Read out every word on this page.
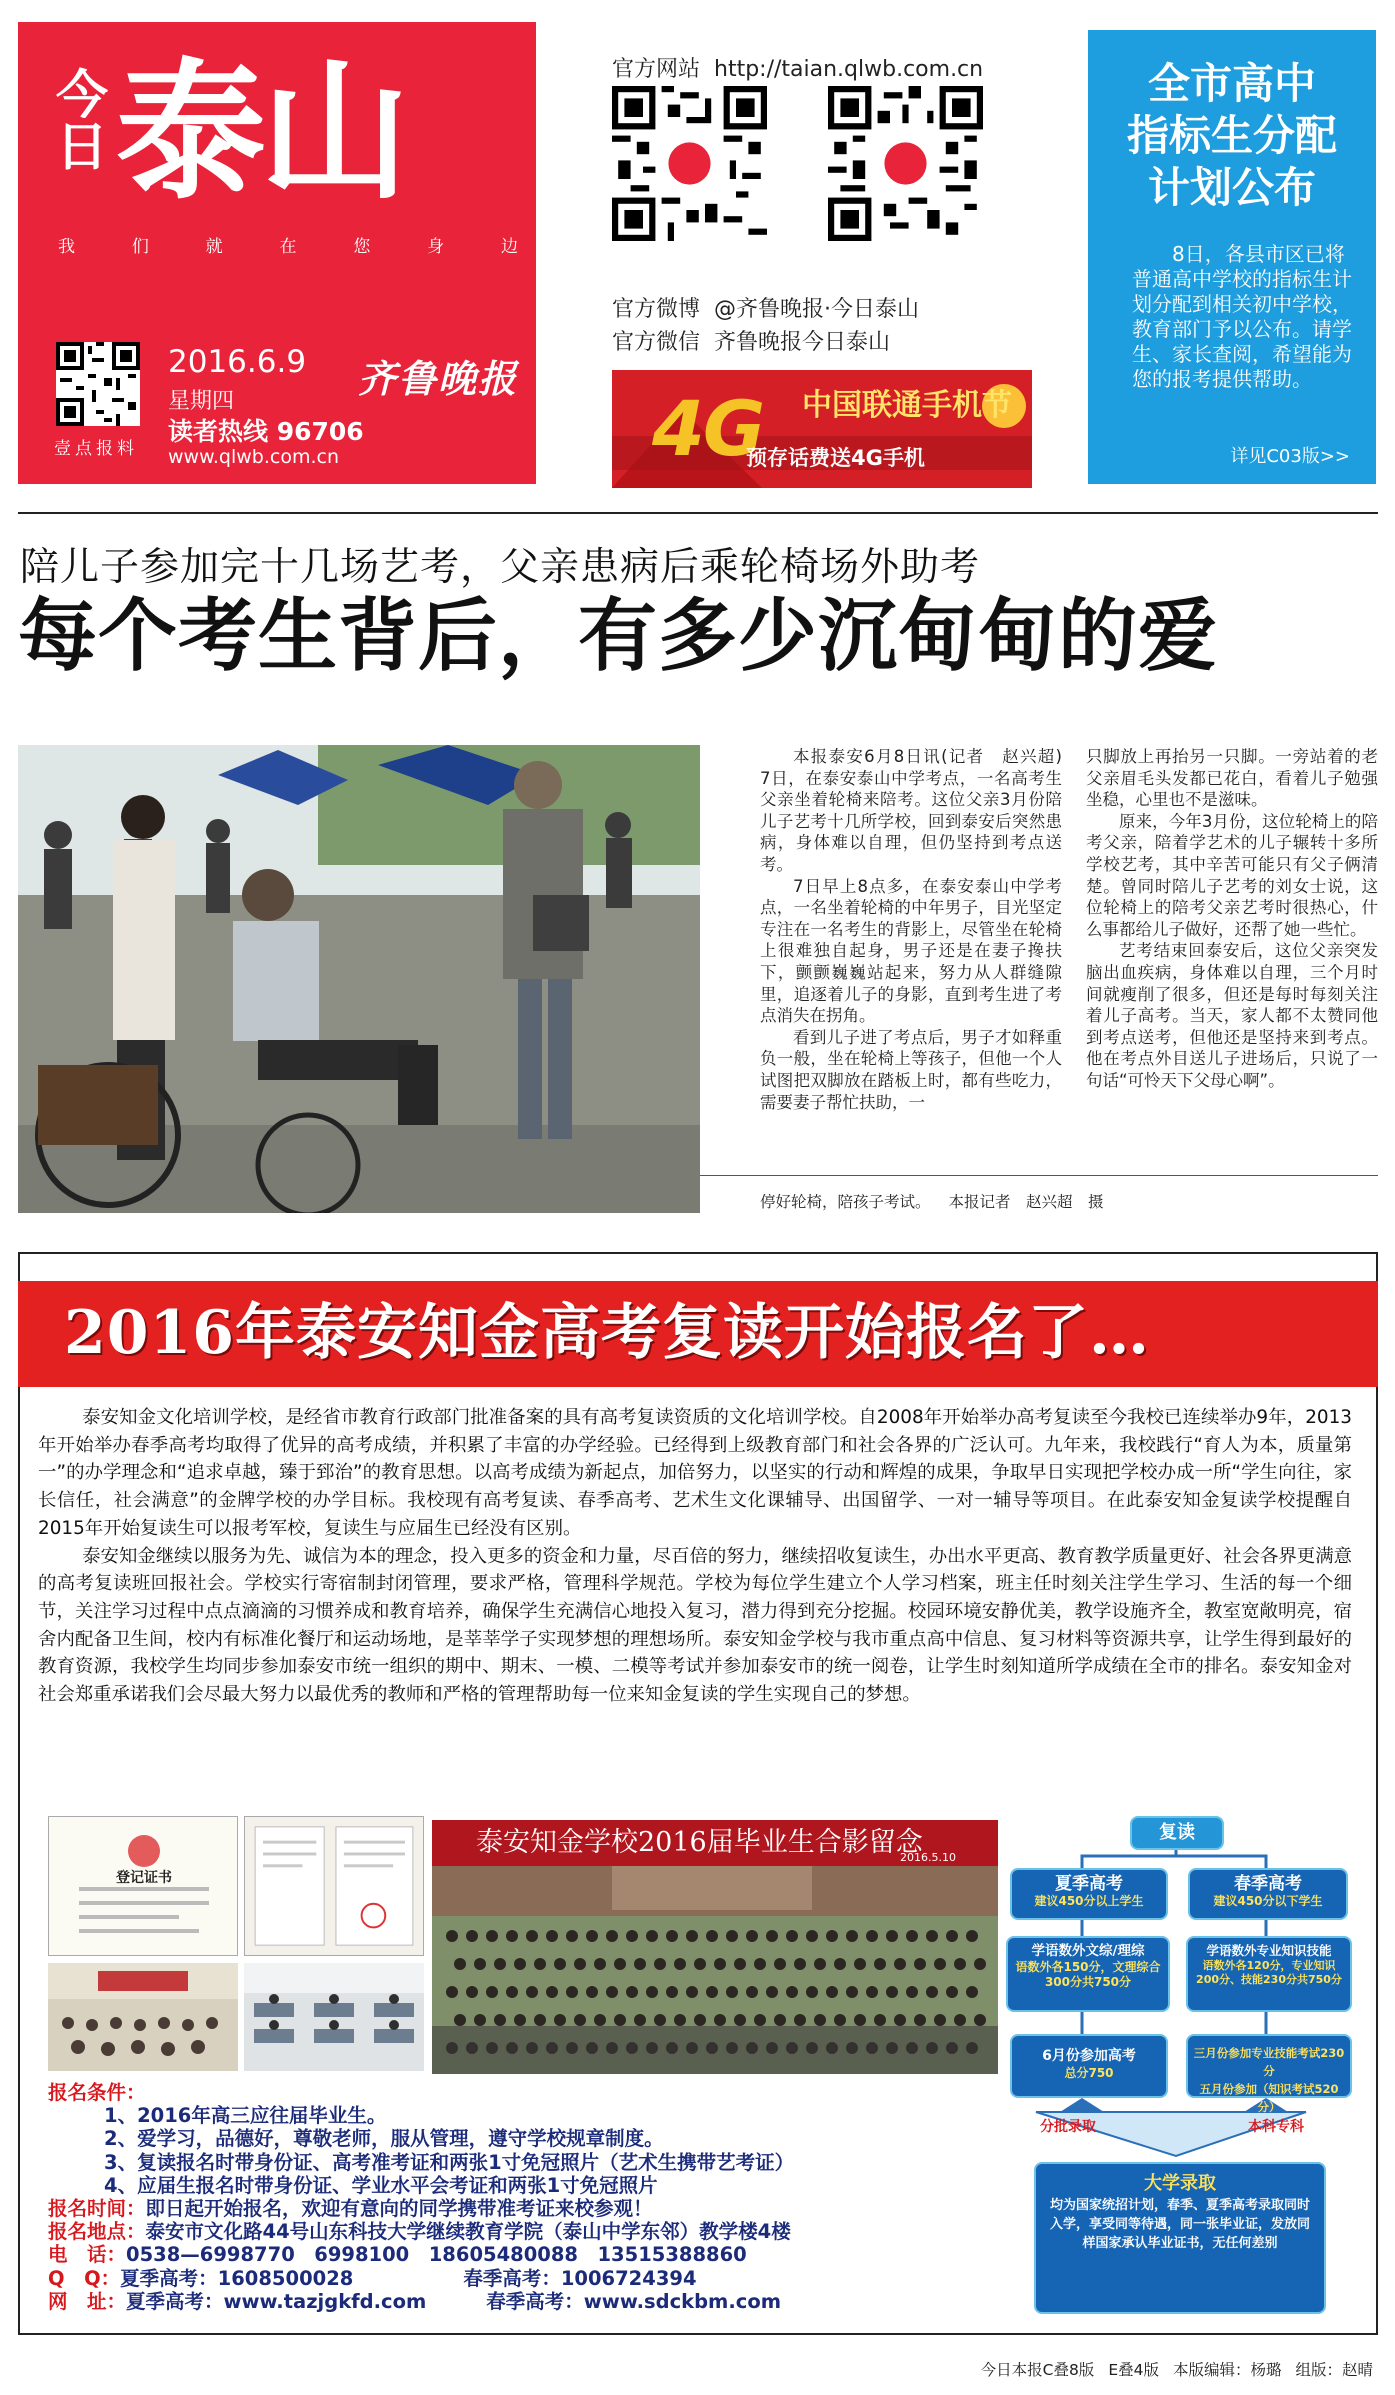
今日 泰山
我	们	就	在	您	身	边
壹点报料
2016.6.9
星期四
读者热线 96706
www.qlwb.com.cn
齐鲁晚报
官方网站 http://taian.qlwb.com.cn
官方微博 @齐鲁晚报·今日泰山
官方微信 齐鲁晚报今日泰山
4G 中国联通手机节
预存话费送4G手机
全市高中
指标生分配
计划公布
8日，各县市区已将普通高中学校的指标生计划分配到相关初中学校，教育部门予以公布。请学生、家长查阅，希望能为您的报考提供帮助。
详见C03版>>
陪儿子参加完十几场艺考，父亲患病后乘轮椅场外助考
每个考生背后，有多少沉甸甸的爱

本报泰安6月8日讯(记者　赵兴超)　7日，在泰安泰山中学考点，一名高考生父亲坐着轮椅来陪考。这位父亲3月份陪儿子艺考十几所学校，回到泰安后突然患病，身体难以自理，但仍坚持到考点送考。

7日早上8点多，在泰安泰山中学考点，一名坐着轮椅的中年男子，目光坚定专注在一名考生的背影上，尽管坐在轮椅上很难独自起身，男子还是在妻子搀扶下，颤颤巍巍站起来，努力从人群缝隙里，追逐着儿子的身影，直到考生进了考点消失在拐角。

看到儿子进了考点后，男子才如释重负一般，坐在轮椅上等孩子，但他一个人试图把双脚放在踏板上时，都有些吃力，需要妻子帮忙扶助，一

只脚放上再抬另一只脚。一旁站着的老父亲眉毛头发都已花白，看着儿子勉强坐稳，心里也不是滋味。

原来，今年3月份，这位轮椅上的陪考父亲，陪着学艺术的儿子辗转十多所学校艺考，其中辛苦可能只有父子俩清楚。曾同时陪儿子艺考的刘女士说，这位轮椅上的陪考父亲艺考时很热心，什么事都给儿子做好，还帮了她一些忙。

艺考结束回泰安后，这位父亲突发脑出血疾病，身体难以自理，三个月时间就瘦削了很多，但还是每时每刻关注着儿子高考。当天，家人都不太赞同他到考点送考，但他还是坚持来到考点。他在考点外目送儿子进场后，只说了一句话“可怜天下父母心啊”。

停好轮椅，陪孩子考试。 本报记者　赵兴超　摄
2016年泰安知金高考复读开始报名了…

泰安知金文化培训学校，是经省市教育行政部门批准备案的具有高考复读资质的文化培训学校。自2008年开始举办高考复读至今我校已连续举办9年，2013年开始举办春季高考均取得了优异的高考成绩，并积累了丰富的办学经验。已经得到上级教育部门和社会各界的广泛认可。九年来，我校践行“育人为本，质量第一”的办学理念和“追求卓越，臻于郅治”的教育思想。以高考成绩为新起点，加倍努力，以坚实的行动和辉煌的成果，争取早日实现把学校办成一所“学生向往，家长信任，社会满意”的金牌学校的办学目标。我校现有高考复读、春季高考、艺术生文化课辅导、出国留学、一对一辅导等项目。在此泰安知金复读学校提醒自2015年开始复读生可以报考军校，复读生与应届生已经没有区别。

泰安知金继续以服务为先、诚信为本的理念，投入更多的资金和力量，尽百倍的努力，继续招收复读生，办出水平更高、教育教学质量更好、社会各界更满意的高考复读班回报社会。学校实行寄宿制封闭管理，要求严格，管理科学规范。学校为每位学生建立个人学习档案，班主任时刻关注学生学习、生活的每一个细节，关注学习过程中点点滴滴的习惯养成和教育培养，确保学生充满信心地投入复习，潜力得到充分挖掘。校园环境安静优美，教学设施齐全，教室宽敞明亮，宿舍内配备卫生间，校内有标准化餐厅和运动场地，是莘莘学子实现梦想的理想场所。泰安知金学校与我市重点高中信息、复习材料等资源共享，让学生得到最好的教育资源，我校学生均同步参加泰安市统一组织的期中、期末、一模、二模等考试并参加泰安市的统一阅卷，让学生时刻知道所学成绩在全市的排名。泰安知金对社会郑重承诺我们会尽最大努力以最优秀的教师和严格的管理帮助每一位来知金复读的学生实现自己的梦想。

登记证书
泰安知金学校2016届毕业生合影留念
2016.5.10
报名条件：
1、2016年高三应往届毕业生。
2、爱学习，品德好，尊敬老师，服从管理，遵守学校规章制度。
3、复读报名时带身份证、高考准考证和两张1寸免冠照片（艺术生携带艺考证）
4、应届生报名时带身份证、学业水平会考证和两张1寸免冠照片
报名时间：即日起开始报名，欢迎有意向的同学携带准考证来校参观！
报名地点：泰安市文化路44号山东科技大学继续教育学院（泰山中学东邻）教学楼4楼
电　话：0538—6998770　6998100　18605480088　13515388860
Q　Q：夏季高考：1608500028	春季高考：1006724394
网　址：夏季高考：www.tazjgkfd.com	春季高考：www.sdckbm.com
复读
夏季高考
建议450分以上学生
春季高考
建议450分以下学生
学语数外文综/理综
语数外各150分，文理综合300分共750分
学语数外专业知识技能
语数外各120分，专业知识200分、技能230分共750分
6月份参加高考
总分750
三月份参加专业技能考试230分
五月份参加（知识考试520分）
分批录取	本科专科
大学录取
均为国家统招计划，春季、夏季高考录取同时入学，享受同等待遇，同一张毕业证，发放同样国家承认毕业证书，无任何差别
今日本报C叠8版 E叠4版 本版编辑：杨璐 组版：赵晴
